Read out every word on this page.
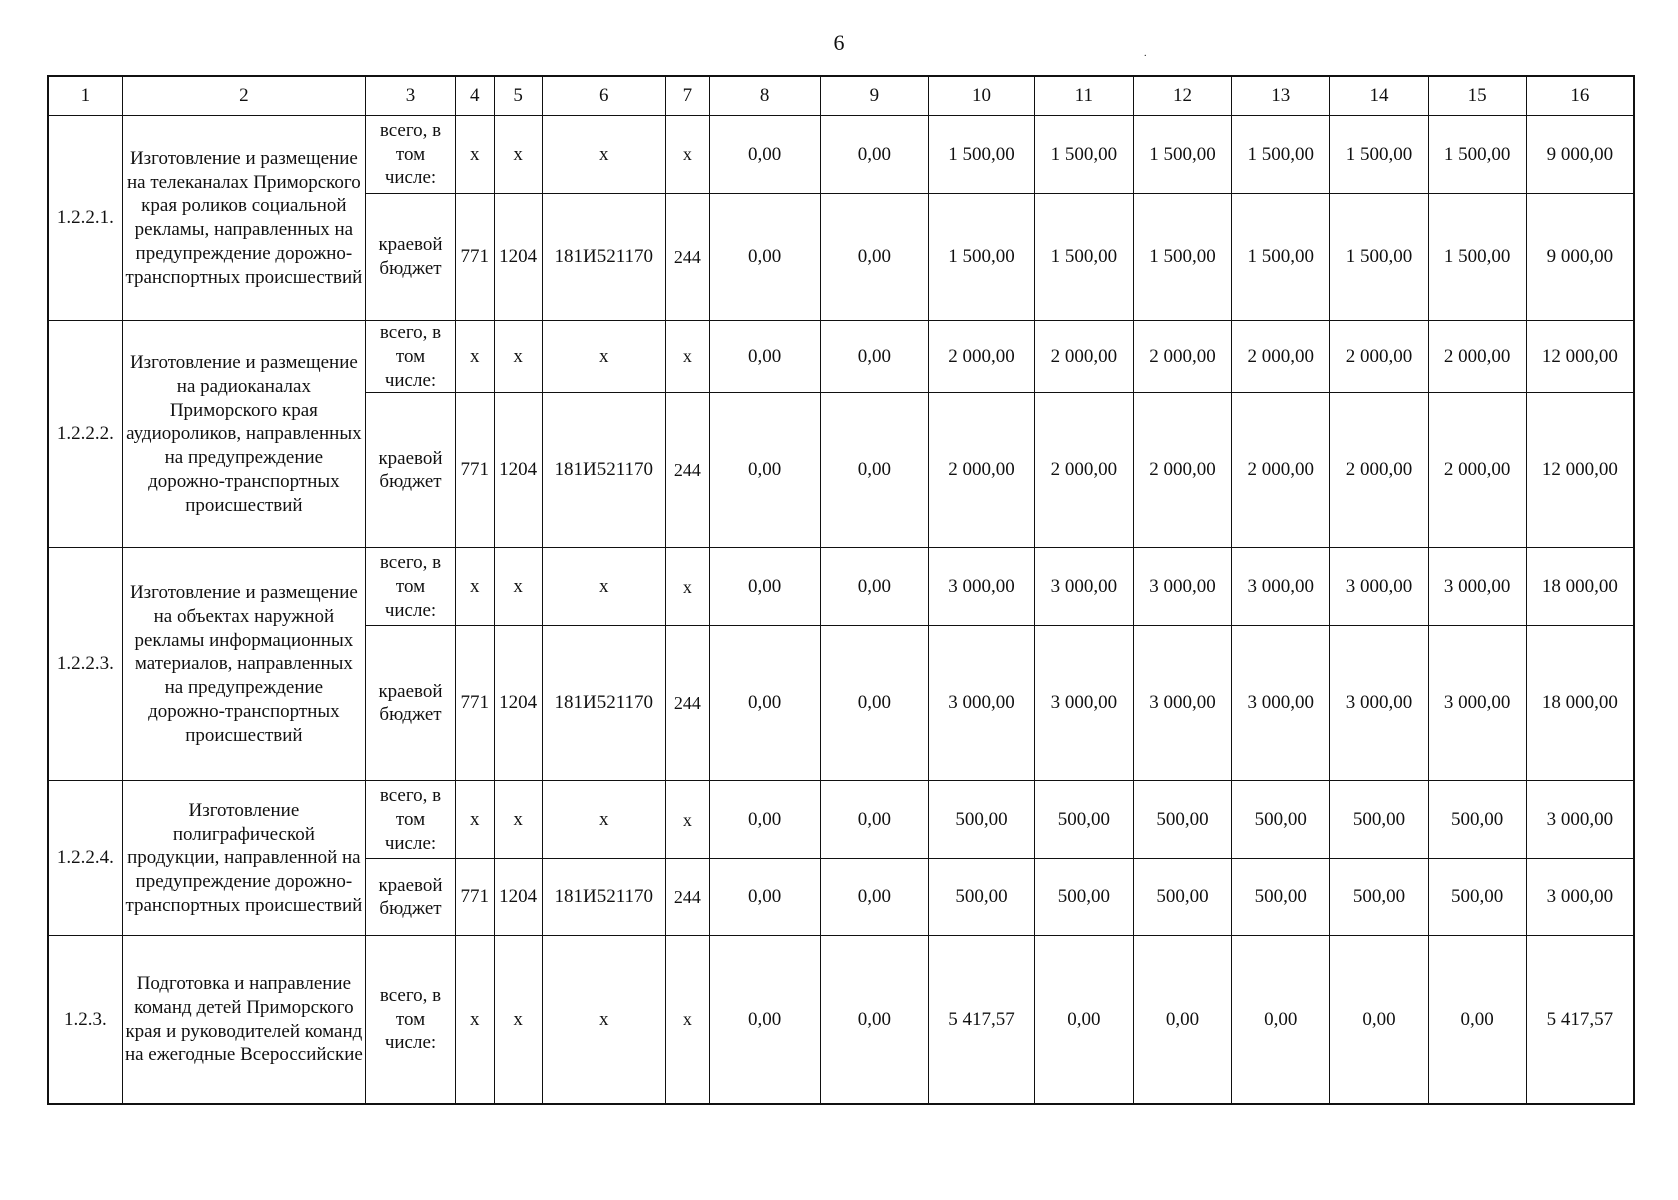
6	.
1	2	3	4	5	6	7	8	9	10	11	12	13	14	15	16
1.2.2.1.	Изготовление и размещение на телеканалах Приморского края роликов социальной рекламы, направленных на предупреждение дорожно-транспортных происшествий	всего, в том числе:	x	x	x	x	0,00	0,00	1 500,00	1 500,00	1 500,00	1 500,00	1 500,00	1 500,00	9 000,00
		краевой бюджет	771	1204	181И521170	244	0,00	0,00	1 500,00	1 500,00	1 500,00	1 500,00	1 500,00	1 500,00	9 000,00
1.2.2.2.	Изготовление и размещение на радиоканалах Приморского края аудиороликов, направленных на предупреждение дорожно-транспортных происшествий	всего, в том числе:	x	x	x	x	0,00	0,00	2 000,00	2 000,00	2 000,00	2 000,00	2 000,00	2 000,00	12 000,00
		краевой бюджет	771	1204	181И521170	244	0,00	0,00	2 000,00	2 000,00	2 000,00	2 000,00	2 000,00	2 000,00	12 000,00
1.2.2.3.	Изготовление и размещение на объектах наружной рекламы информационных материалов, направленных на предупреждение дорожно-транспортных происшествий	всего, в том числе:	x	x	x	x	0,00	0,00	3 000,00	3 000,00	3 000,00	3 000,00	3 000,00	3 000,00	18 000,00
		краевой бюджет	771	1204	181И521170	244	0,00	0,00	3 000,00	3 000,00	3 000,00	3 000,00	3 000,00	3 000,00	18 000,00
1.2.2.4.	Изготовление полиграфической продукции, направленной на предупреждение дорожно-транспортных происшествий	всего, в том числе:	x	x	x	x	0,00	0,00	500,00	500,00	500,00	500,00	500,00	500,00	3 000,00
		краевой бюджет	771	1204	181И521170	244	0,00	0,00	500,00	500,00	500,00	500,00	500,00	500,00	3 000,00
1.2.3.	Подготовка и направление команд детей Приморского края и руководителей команд на ежегодные Всероссийские	всего, в том числе:	x	x	x	x	0,00	0,00	5 417,57	0,00	0,00	0,00	0,00	0,00	5 417,57
